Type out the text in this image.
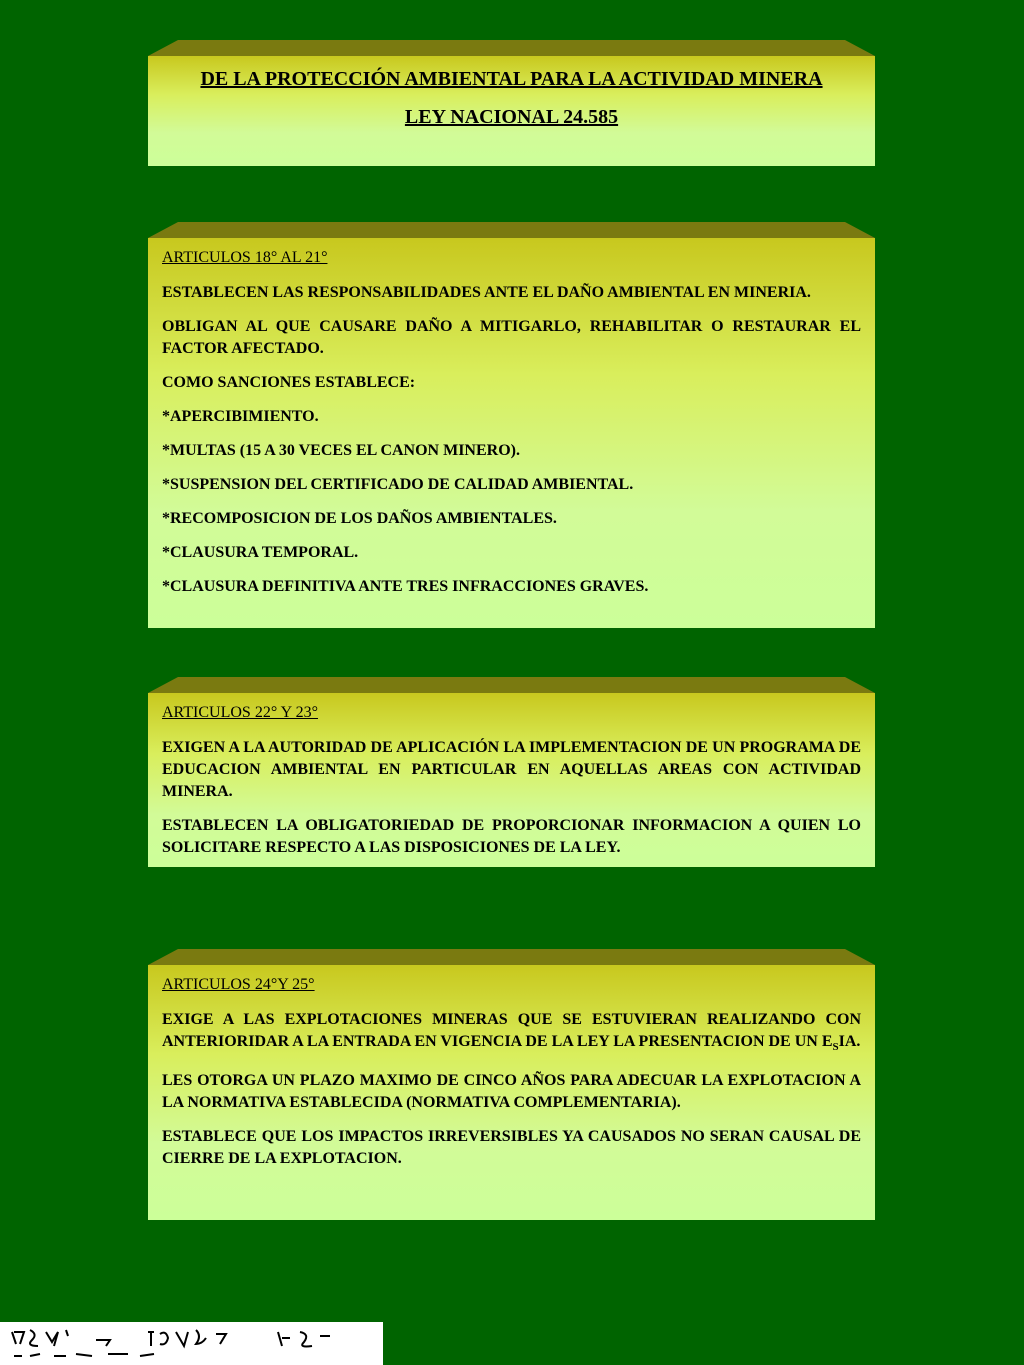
DE LA PROTECCIÓN AMBIENTAL PARA LA ACTIVIDAD MINERA

LEY NACIONAL 24.585

ARTICULOS 18° AL 21°

ESTABLECEN LAS RESPONSABILIDADES ANTE EL DAÑO AMBIENTAL EN MINERIA.

OBLIGAN AL QUE CAUSARE DAÑO A MITIGARLO, REHABILITAR O RESTAURAR EL FACTOR AFECTADO.

COMO SANCIONES ESTABLECE:

*APERCIBIMIENTO.

*MULTAS (15 A 30 VECES EL CANON MINERO).

*SUSPENSION DEL CERTIFICADO DE CALIDAD AMBIENTAL.

*RECOMPOSICION DE LOS DAÑOS AMBIENTALES.

*CLAUSURA TEMPORAL.

*CLAUSURA DEFINITIVA ANTE TRES INFRACCIONES GRAVES.

ARTICULOS 22° Y 23°

EXIGEN A LA AUTORIDAD DE APLICACIÓN LA IMPLEMENTACION DE UN PROGRAMA DE EDUCACION AMBIENTAL EN PARTICULAR EN AQUELLAS AREAS CON ACTIVIDAD MINERA.

ESTABLECEN LA OBLIGATORIEDAD DE PROPORCIONAR INFORMACION A QUIEN LO SOLICITARE RESPECTO A LAS DISPOSICIONES DE LA LEY.

ARTICULOS 24°Y 25°

EXIGE A LAS EXPLOTACIONES MINERAS QUE SE ESTUVIERAN REALIZANDO CON ANTERIORIDAR A LA ENTRADA EN VIGENCIA DE LA LEY LA PRESENTACION DE UN $E_SIA$.

LES OTORGA UN PLAZO MAXIMO DE CINCO AÑOS PARA ADECUAR LA EXPLOTACION A LA NORMATIVA ESTABLECIDA (NORMATIVA COMPLEMENTARIA).

ESTABLECE QUE LOS IMPACTOS IRREVERSIBLES YA CAUSADOS NO SERAN CAUSAL DE CIERRE DE LA EXPLOTACION.
